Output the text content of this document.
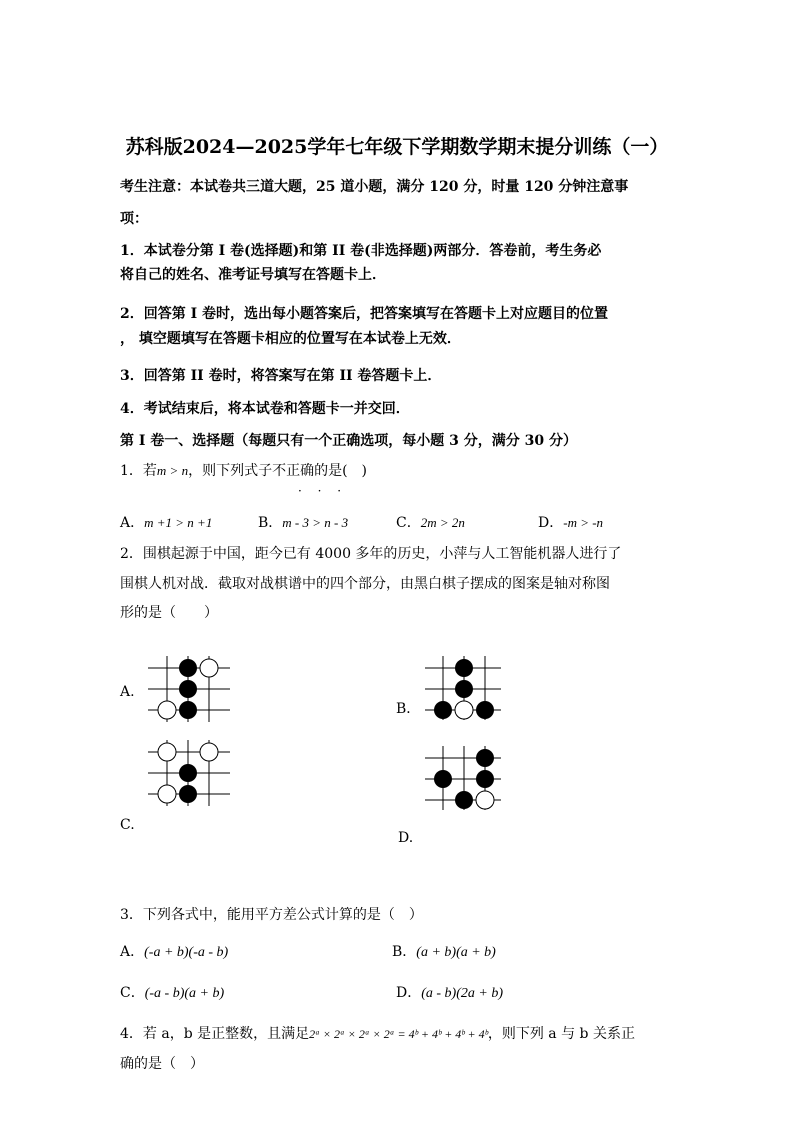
苏科版2024—2025学年七年级下学期数学期末提分训练（一）
考生注意：本试卷共三道大题，25 道小题，满分 120 分，时量 120 分钟注意事
项：
1．本试卷分第 I 卷(选择题)和第 II 卷(非选择题)两部分．答卷前，考生务必
将自己的姓名、准考证号填写在答题卡上．
2．回答第 I 卷时，选出每小题答案后，把答案填写在答题卡上对应题目的位置
， 填空题填写在答题卡相应的位置写在本试卷上无效．
3．回答第 II 卷时，将答案写在第 II 卷答题卡上．
4．考试结束后，将本试卷和答题卡一并交回．
第 I 卷一、选择题（每题只有一个正确选项，每小题 3 分，满分 30 分）
1．若m > n，则下列式子不正确的是(　)
· · ·
A．m +1 > n +1	B．m - 3 > n - 3	C．2m > 2n	D．-m > -n
2．围棋起源于中国，距今已有 4000 多年的历史，小萍与人工智能机器人进行了
围棋人机对战．截取对战棋谱中的四个部分，由黑白棋子摆成的图案是轴对称图
形的是（　　）
A.
B．
C.
D.
3．下列各式中，能用平方差公式计算的是（　）
A．(-a + b)(-a - b)	B．(a + b)(a + b)
C．(-a - b)(a + b)	D．(a - b)(2a + b)
4．若 a，b 是正整数，且满足2ᵃ × 2ᵃ × 2ᵃ × 2ᵃ = 4ᵇ + 4ᵇ + 4ᵇ + 4ᵇ，则下列 a 与 b 关系正
确的是（　）
